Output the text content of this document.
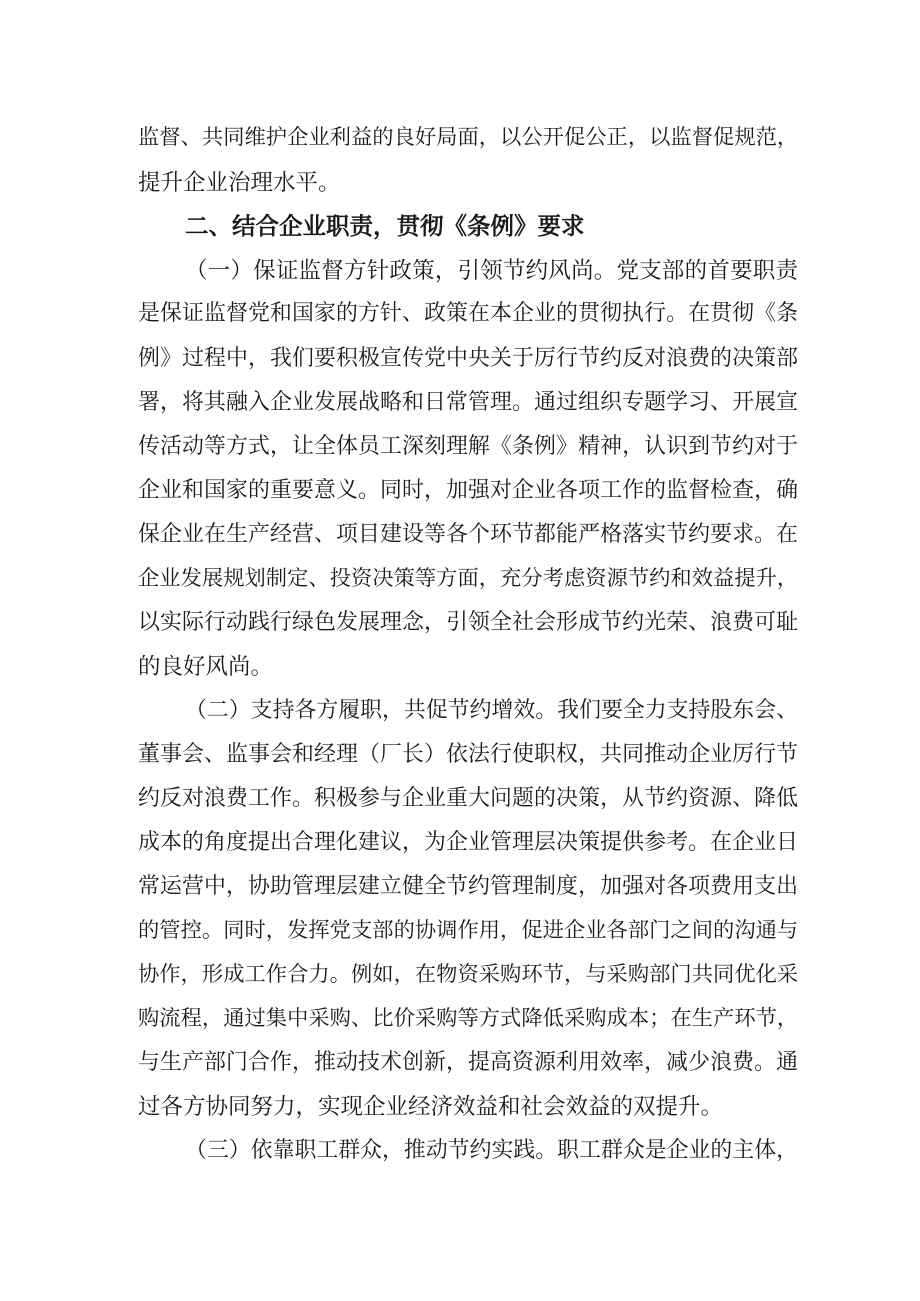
监督、共同维护企业利益的良好局面，以公开促公正，以监督促规范，
提升企业治理水平。
二、结合企业职责，贯彻《条例》要求
（一）保证监督方针政策，引领节约风尚。党支部的首要职责
是保证监督党和国家的方针、政策在本企业的贯彻执行。在贯彻《条
例》过程中，我们要积极宣传党中央关于厉行节约反对浪费的决策部
署，将其融入企业发展战略和日常管理。通过组织专题学习、开展宣
传活动等方式，让全体员工深刻理解《条例》精神，认识到节约对于
企业和国家的重要意义。同时，加强对企业各项工作的监督检查，确
保企业在生产经营、项目建设等各个环节都能严格落实节约要求。在
企业发展规划制定、投资决策等方面，充分考虑资源节约和效益提升，
以实际行动践行绿色发展理念，引领全社会形成节约光荣、浪费可耻
的良好风尚。
（二）支持各方履职，共促节约增效。我们要全力支持股东会、
董事会、监事会和经理（厂长）依法行使职权，共同推动企业厉行节
约反对浪费工作。积极参与企业重大问题的决策，从节约资源、降低
成本的角度提出合理化建议，为企业管理层决策提供参考。在企业日
常运营中，协助管理层建立健全节约管理制度，加强对各项费用支出
的管控。同时，发挥党支部的协调作用，促进企业各部门之间的沟通与
协作，形成工作合力。例如，在物资采购环节，与采购部门共同优化采
购流程，通过集中采购、比价采购等方式降低采购成本；在生产环节，
与生产部门合作，推动技术创新，提高资源利用效率，减少浪费。通
过各方协同努力，实现企业经济效益和社会效益的双提升。
（三）依靠职工群众，推动节约实践。职工群众是企业的主体，
